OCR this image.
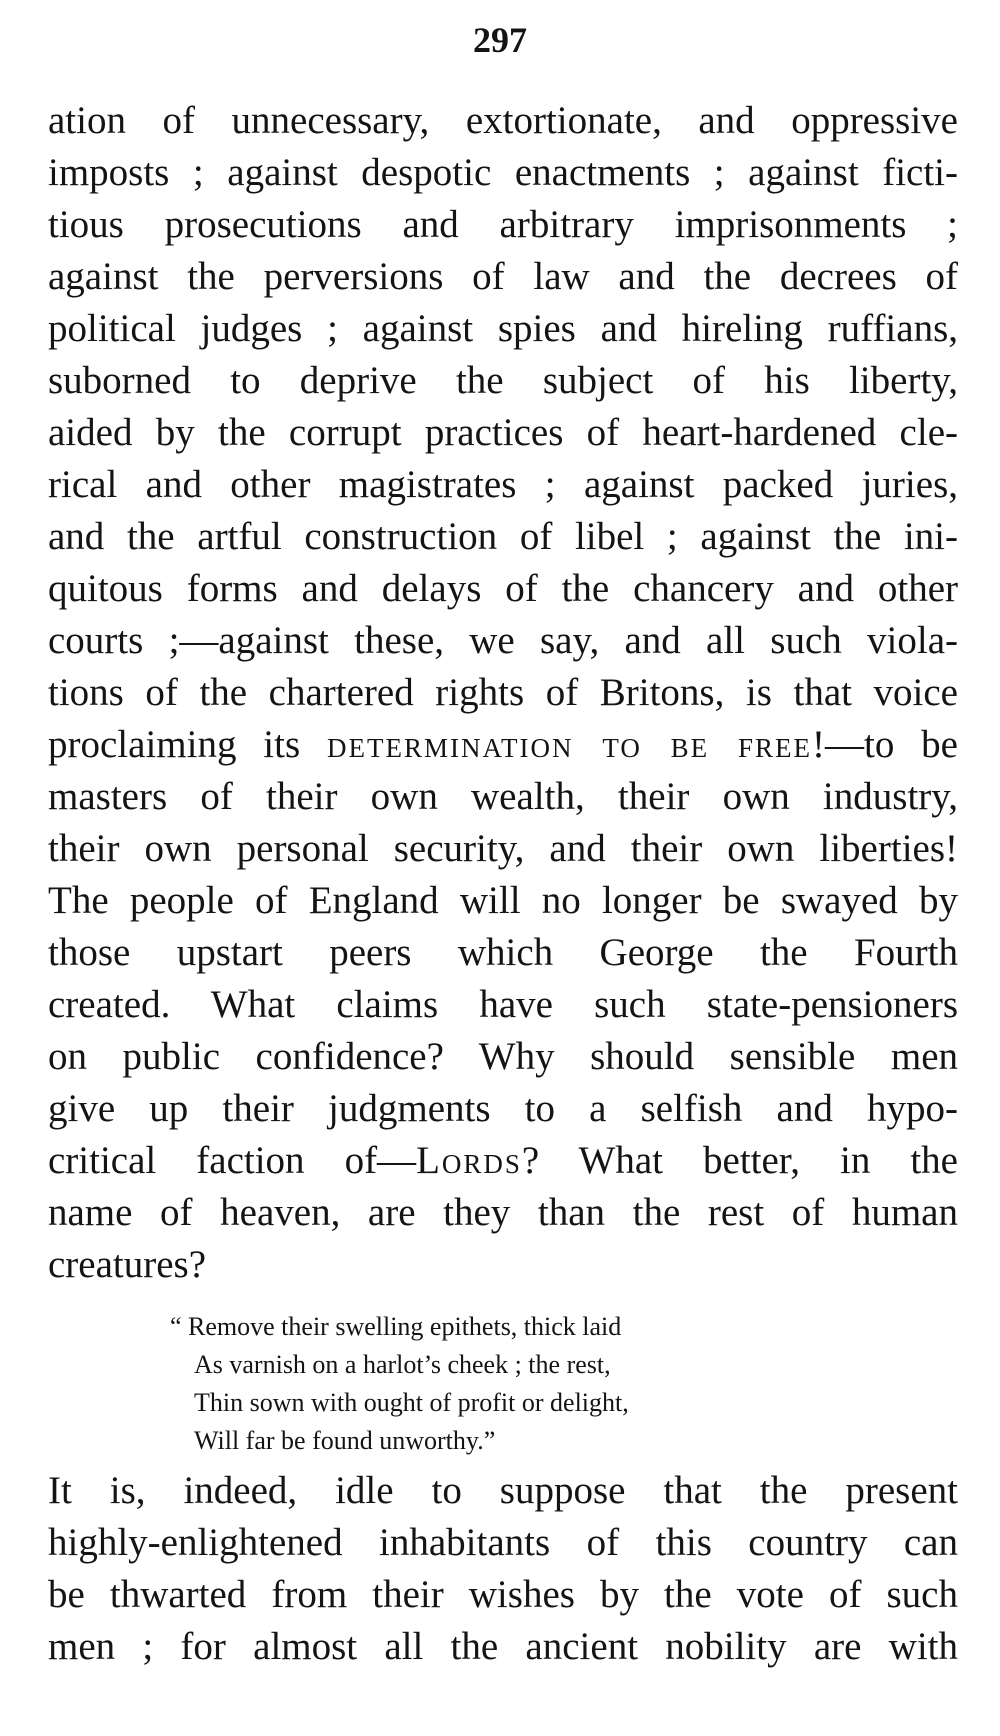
297
ation of unnecessary, extortionate, and oppressive
imposts ; against despotic enactments ; against ficti-
tious prosecutions and arbitrary imprisonments ;
against the perversions of law and the decrees of
political judges ; against spies and hireling ruffians,
suborned to deprive the subject of his liberty,
aided by the corrupt practices of heart-hardened cle-
rical and other magistrates ; against packed juries,
and the artful construction of libel ; against the ini-
quitous forms and delays of the chancery and other
courts ;—against these, we say, and all such viola-
tions of the chartered rights of Britons, is that voice
proclaiming its determination to be free!—to be
masters of their own wealth, their own industry,
their own personal security, and their own liberties!
The people of England will no longer be swayed by
those upstart peers which George the Fourth
created. What claims have such state-pensioners
on public confidence? Why should sensible men
give up their judgments to a selfish and hypo-
critical faction of—Lords? What better, in the
name of heaven, are they than the rest of human
creatures?
“ Remove their swelling epithets, thick laid
As varnish on a harlot’s cheek ; the rest,
Thin sown with ought of profit or delight,
Will far be found unworthy.”
It is, indeed, idle to suppose that the present
highly-enlightened inhabitants of this country can
be thwarted from their wishes by the vote of such
men ; for almost all the ancient nobility are with
